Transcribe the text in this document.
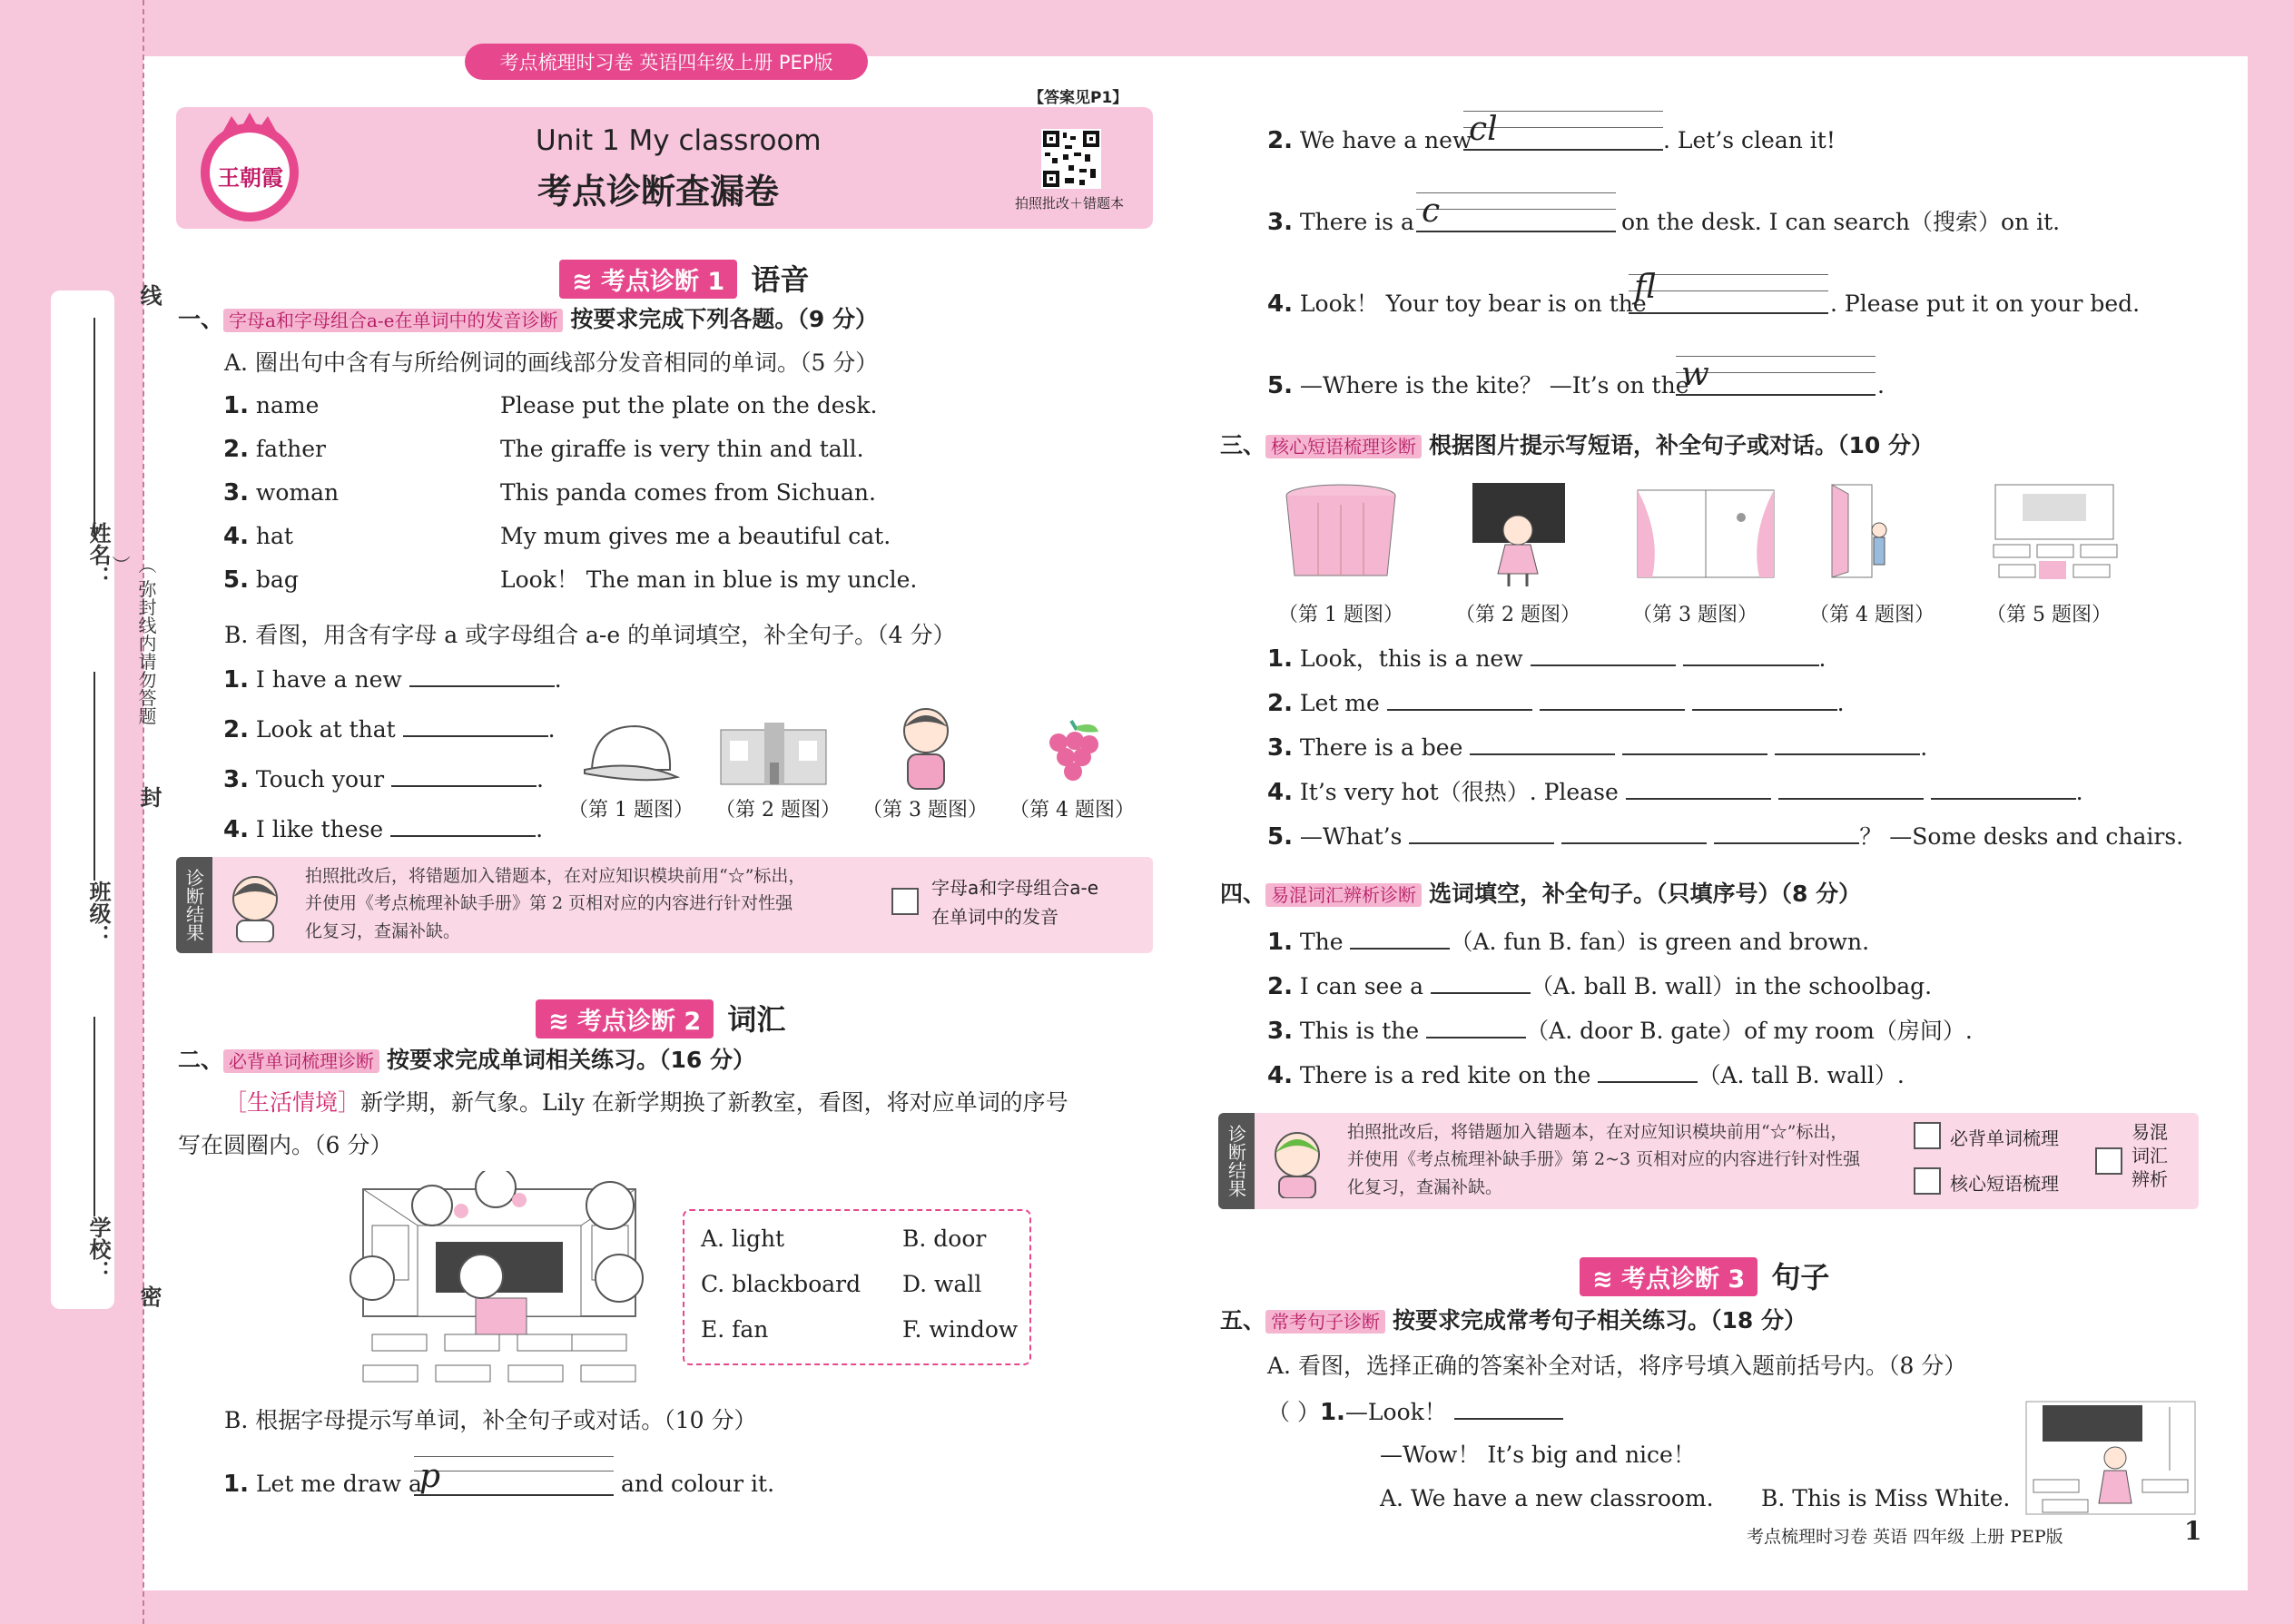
线
封
密
（ 弥封线内请勿答题 ）
姓名：
班级：
学校：
考点梳理时习卷 英语四年级上册 PEP版
【答案见P1】
王朝霞
Unit 1 My classroom
考点诊断查漏卷	拍照批改＋错题本
≋ 考点诊断 1 语音
一、 字母a和字母组合a-e在单词中的发音诊断 按要求完成下列各题。（9 分）
A. 圈出句中含有与所给例词的画线部分发音相同的单词。（5 分）
1. name	Please put the plate on the desk.
2. father	The giraffe is very thin and tall.
3. woman	This panda comes from Sichuan.
4. hat	My mum gives me a beautiful cat.
5. bag	Look！ The man in blue is my uncle.
B. 看图，用含有字母 a 或字母组合 a-e 的单词填空，补全句子。（4 分）
1. I have a new	.
2. Look at that	.
3. Touch your	.
4. I like these	.
（第 1 题图） （第 2 题图） （第 3 题图） （第 4 题图）
诊断结果	拍照批改后，将错题加入错题本，在对应知识模块前用“☆”标出，
并使用《考点梳理补缺手册》第 2 页相对应的内容进行针对性强
化复习，查漏补缺。
字母a和字母组合a-e
在单词中的发音
≋ 考点诊断 2 词汇
二、 必背单词梳理诊断 按要求完成单词相关练习。（16 分）
［生活情境］新学期，新气象。Lily 在新学期换了新教室，看图，将对应单词的序号
写在圆圈内。（6 分）
A. light	B. door
C. blackboard D. wall
E. fan	F. window
B. 根据字母提示写单词，补全句子或对话。（10 分）
1. Let me draw a
p	and colour it.
2. We have a new
cl	. Let’s clean it!
3. There is a c	on the desk. I can search（搜索）on it.
4. Look！ Your toy bear is on the
fl	. Please put it on your bed.
5. —Where is the kite？ —It’s on the
w	.
三、 核心短语梳理诊断 根据图片提示写短语，补全句子或对话。（10 分）
（第 1 题图）	（第 2 题图）	（第 3 题图）	（第 4 题图）	（第 5 题图）
1. Look，this is a new	.
2. Let me	.
3. There is a bee	.
4. It’s very hot（很热）. Please	.
5. —What’s	？ —Some desks and chairs.
四、 易混词汇辨析诊断 选词填空，补全句子。（只填序号）（8 分）
1. The	（A. fun B. fan）is green and brown.
2. I can see a	（A. ball B. wall）in the schoolbag.
3. This is the	（A. door B. gate）of my room（房间）.
4. There is a red kite on the	（A. tall B. wall）.
诊断结果	拍照批改后，将错题加入错题本，在对应知识模块前用“☆”标出，
并使用《考点梳理补缺手册》第 2~3 页相对应的内容进行针对性强
化复习，查漏补缺。
必背单词梳理
核心短语梳理
易混
词汇
辨析
≋ 考点诊断 3 句子
五、 常考句子诊断 按要求完成常考句子相关练习。（18 分）
A. 看图，选择正确的答案补全对话，将序号填入题前括号内。（8 分）
（ ）1.—Look！
—Wow！ It’s big and nice！
A. We have a new classroom. B. This is Miss White.
考点梳理时习卷 英语 四年级 上册 PEP版	1
